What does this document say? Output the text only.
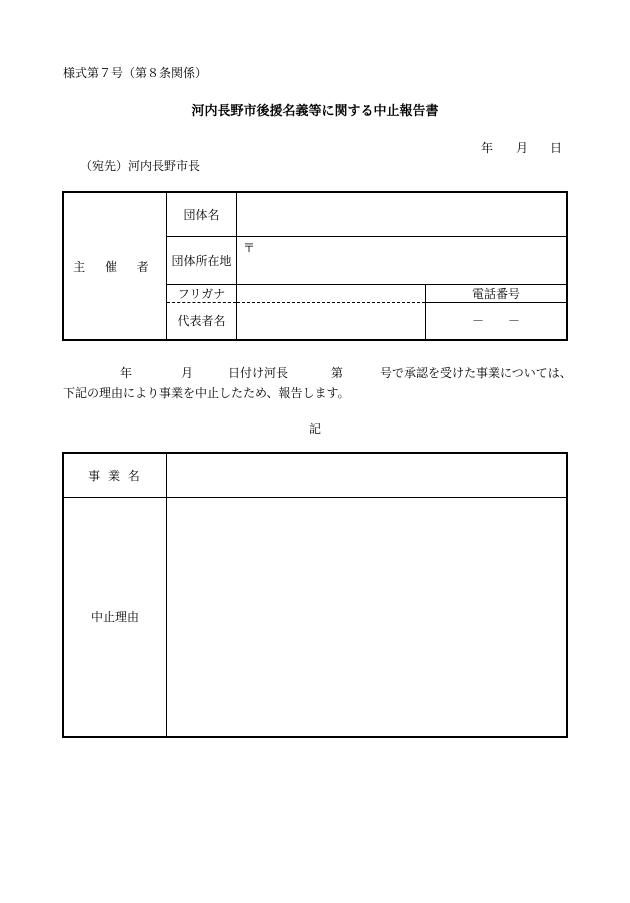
様式第７号（第８条関係）
河内長野市後援名義等に関する中止報告書
年 月 日
（宛先）河内長野市長
主 催 者	団体名		
	団体所在地	〒	

	フリガナ		電話番号
	代表者名		－　　－
年	月	日付け河長	第	号で承認を受けた事業については、
下記の理由により事業を中止したため、報告します。
記
事 業 名	
中止理由	
